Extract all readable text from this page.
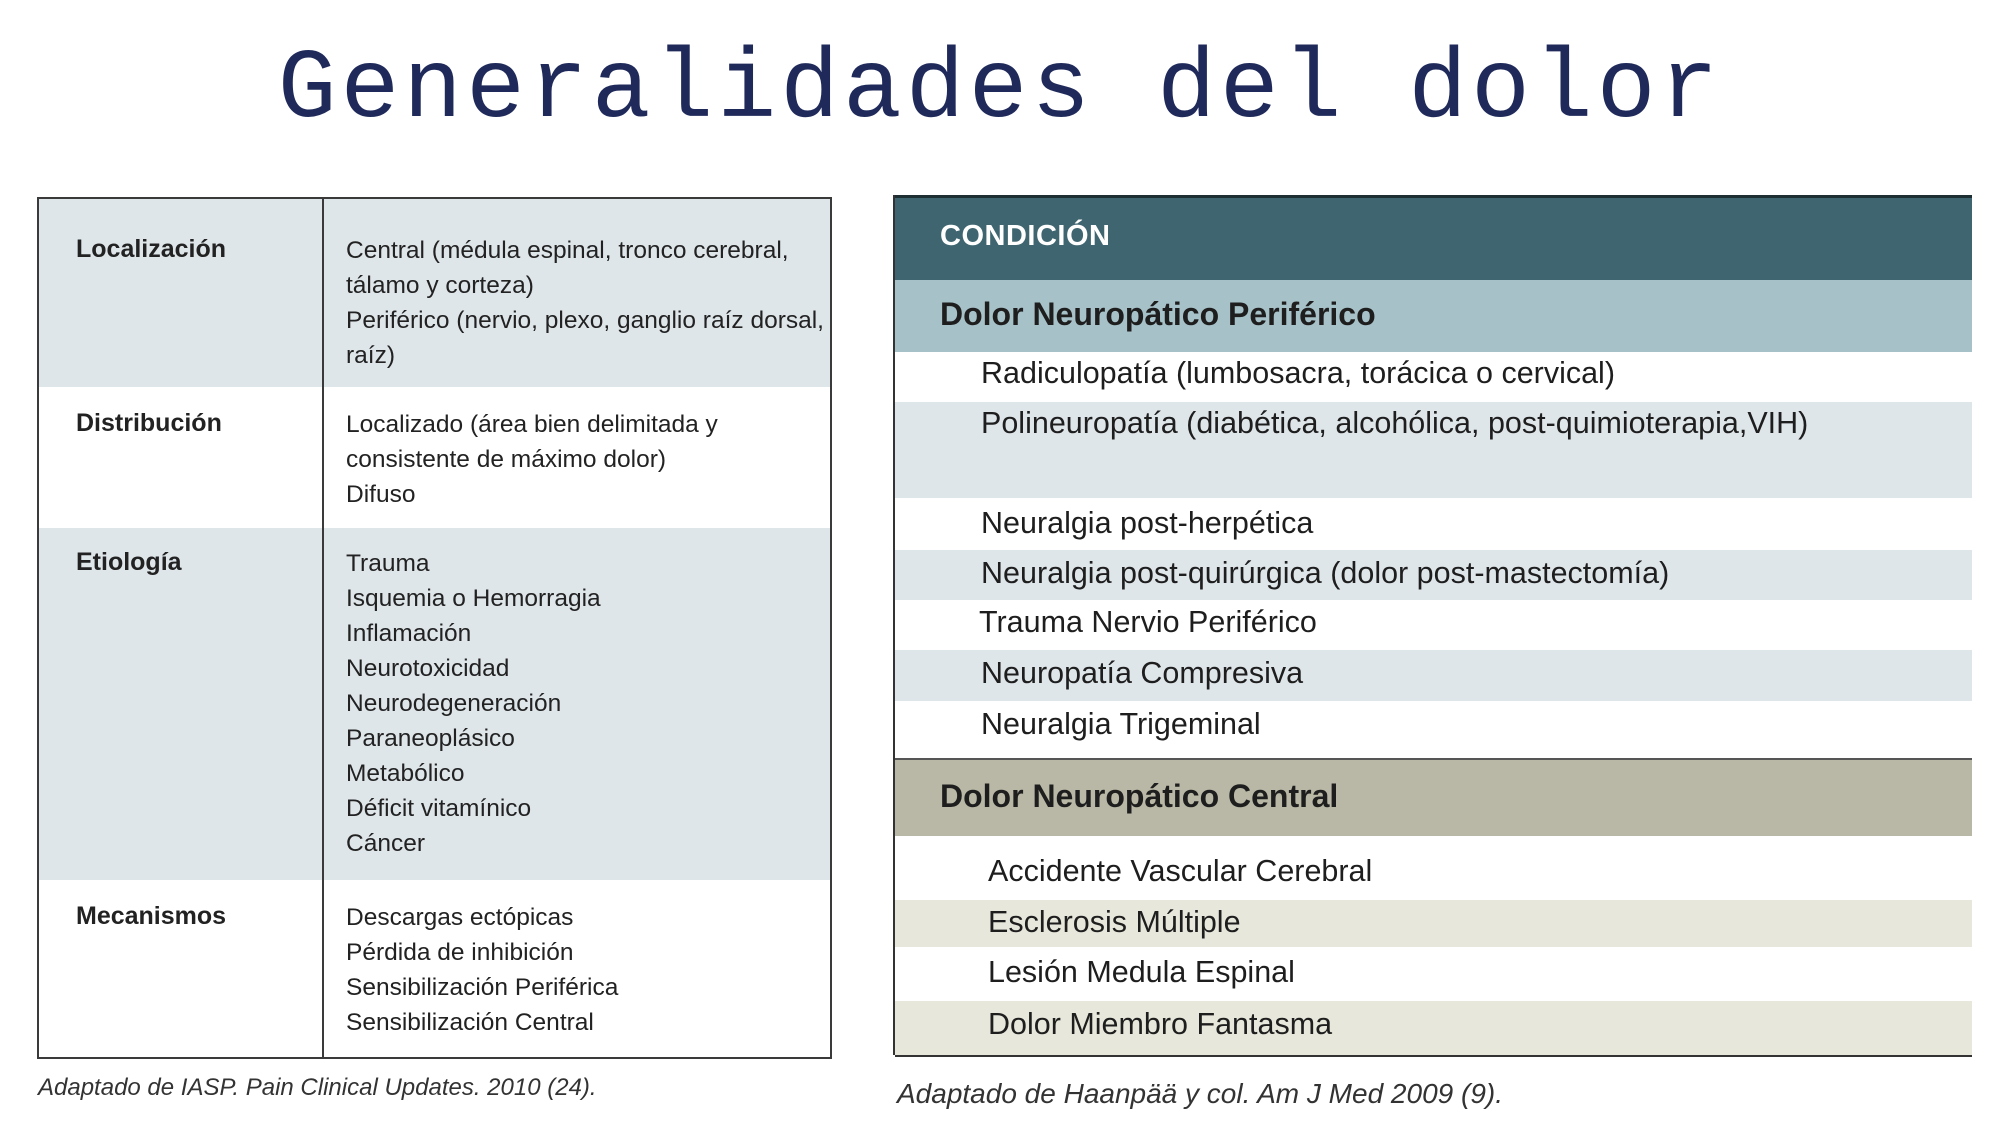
Generalidades del dolor
Localización	Central (médula espinal, tronco cerebral,
tálamo y corteza)
Periférico (nervio, plexo, ganglio raíz dorsal,
raíz)
Distribución	Localizado (área bien delimitada y
consistente de máximo dolor)
Difuso
Etiología	Trauma
Isquemia o Hemorragia
Inflamación
Neurotoxicidad
Neurodegeneración
Paraneoplásico
Metabólico
Déficit vitamínico
Cáncer
Mecanismos	Descargas ectópicas
Pérdida de inhibición
Sensibilización Periférica
Sensibilización Central
Adaptado de IASP. Pain Clinical Updates. 2010 (24).
CONDICIÓN
Dolor Neuropático Periférico
Radiculopatía (lumbosacra, torácica o cervical)
Polineuropatía (diabética, alcohólica, post-quimioterapia,VIH)
Neuralgia post-herpética
Neuralgia post-quirúrgica (dolor post-mastectomía)
Trauma Nervio Periférico
Neuropatía Compresiva
Neuralgia Trigeminal
Dolor Neuropático Central
Accidente Vascular Cerebral
Esclerosis Múltiple
Lesión Medula Espinal
Dolor Miembro Fantasma
Adaptado de Haanpää y col. Am J Med 2009 (9).
